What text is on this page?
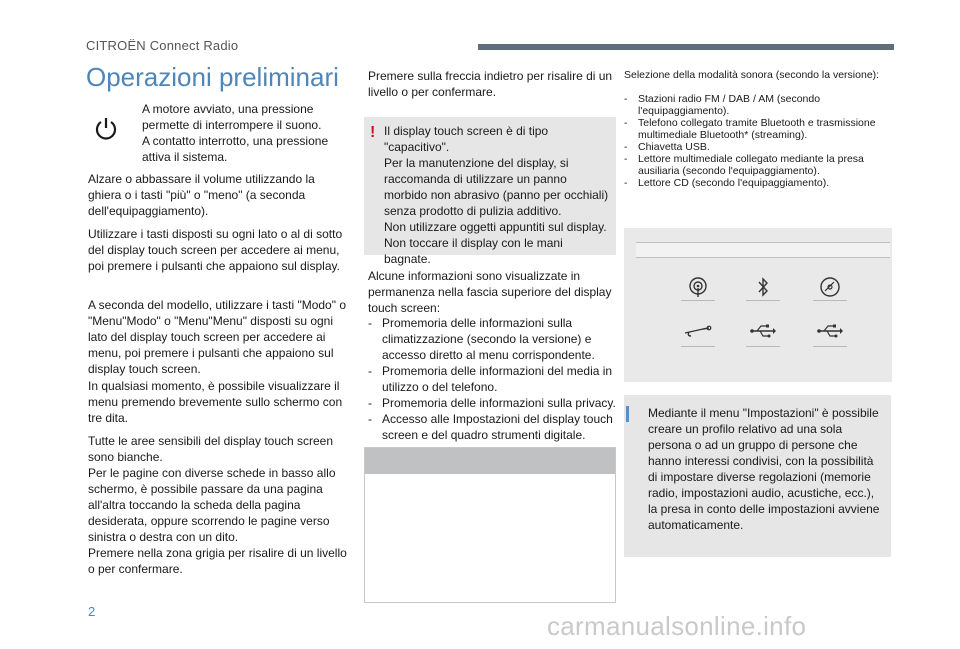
CITROËN Connect Radio
Operazioni preliminari

A motore avviato, una pressione permette di interrompere il suono.
A contatto interrotto, una pressione attiva il sistema.

Alzare o abbassare il volume utilizzando la ghiera o i tasti "più" o "meno" (a seconda dell'equipaggiamento).
Utilizzare i tasti disposti su ogni lato o al di sotto del display touch screen per accedere ai menu, poi premere i pulsanti che appaiono sul display.
A seconda del modello, utilizzare i tasti "Modo" o "Menu"Modo" o "Menu"Menu" disposti su ogni lato del display touch screen per accedere ai menu, poi premere i pulsanti che appaiono sul display touch screen.
In qualsiasi momento, è possibile visualizzare il menu premendo brevemente sullo schermo con tre dita.
Tutte le aree sensibili del display touch screen sono bianche.
Per le pagine con diverse schede in basso allo schermo, è possibile passare da una pagina all'altra toccando la scheda della pagina desiderata, oppure scorrendo le pagine verso sinistra o destra con un dito.
Premere nella zona grigia per risalire di un livello o per confermare.
Premere sulla freccia indietro per risalire di un livello o per confermare.
! Il display touch screen è di tipo "capacitivo".
Per la manutenzione del display, si raccomanda di utilizzare un panno morbido non abrasivo (panno per occhiali) senza prodotto di pulizia additivo.
Non utilizzare oggetti appuntiti sul display.
Non toccare il display con le mani bagnate.
Alcune informazioni sono visualizzate in permanenza nella fascia superiore del display touch screen:
- Promemoria delle informazioni sulla climatizzazione (secondo la versione) e accesso diretto al menu corrispondente.
- Promemoria delle informazioni del media in utilizzo o del telefono.
- Promemoria delle informazioni sulla privacy.
- Accesso alle Impostazioni del display touch screen e del quadro strumenti digitale.
Selezione della modalità sonora (secondo la versione):
-	Stazioni radio FM / DAB / AM (secondo l'equipaggiamento).
-	Telefono collegato tramite Bluetooth e trasmissione multimediale Bluetooth* (streaming).
-	Chiavetta USB.
-	Lettore multimediale collegato mediante la presa ausiliaria (secondo l'equipaggiamento).
-	Lettore CD (secondo l'equipaggiamento).
Mediante il menu "Impostazioni" è possibile creare un profilo relativo ad una sola persona o ad un gruppo di persone che hanno interessi condivisi, con la possibilità di impostare diverse regolazioni (memorie radio, impostazioni audio, acustiche, ecc.), la presa in conto delle impostazioni avviene automaticamente.
2	carmanualsonline.info
